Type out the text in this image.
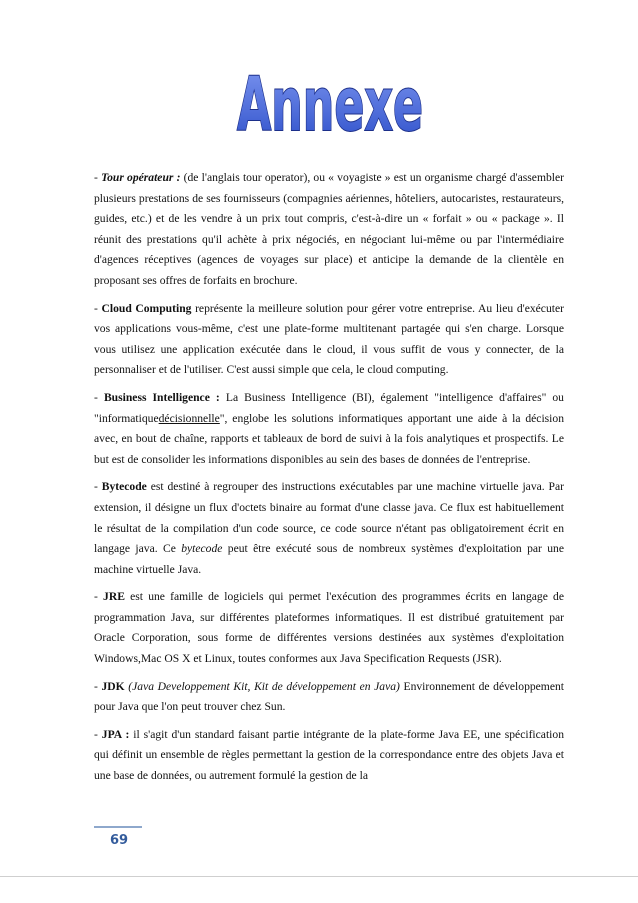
Annexe

- Tour opérateur : (de l'anglais tour operator), ou « voyagiste » est un organisme chargé d'assembler plusieurs prestations de ses fournisseurs (compagnies aériennes, hôteliers, autocaristes, restaurateurs, guides, etc.) et de les vendre à un prix tout compris, c'est-à-dire un « forfait » ou « package ». Il réunit des prestations qu'il achète à prix négociés, en négociant lui-même ou par l'intermédiaire d'agences réceptives (agences de voyages sur place) et anticipe la demande de la clientèle en proposant ses offres de forfaits en brochure.

- Cloud Computing représente la meilleure solution pour gérer votre entreprise. Au lieu d'exécuter vos applications vous-même, c'est une plate-forme multitenant partagée qui s'en charge. Lorsque vous utilisez une application exécutée dans le cloud, il vous suffit de vous y connecter, de la personnaliser et de l'utiliser. C'est aussi simple que cela, le cloud computing.

- Business Intelligence : La Business Intelligence (BI), également "intelligence d'affaires" ou "informatiquedécisionnelle", englobe les solutions informatiques apportant une aide à la décision avec, en bout de chaîne, rapports et tableaux de bord de suivi à la fois analytiques et prospectifs. Le but est de consolider les informations disponibles au sein des bases de données de l'entreprise.

- Bytecode est destiné à regrouper des instructions exécutables par une machine virtuelle java. Par extension, il désigne un flux d'octets binaire au format d'une classe java. Ce flux est habituellement le résultat de la compilation d'un code source, ce code source n'étant pas obligatoirement écrit en langage java. Ce bytecode peut être exécuté sous de nombreux systèmes d'exploitation par une machine virtuelle Java.

- JRE est une famille de logiciels qui permet l'exécution des programmes écrits en langage de programmation Java, sur différentes plateformes informatiques. Il est distribué gratuitement par Oracle Corporation, sous forme de différentes versions destinées aux systèmes d'exploitation Windows,Mac OS X et Linux, toutes conformes aux Java Specification Requests (JSR).

- JDK (Java Developpement Kit, Kit de développement en Java) Environnement de développement pour Java que l'on peut trouver chez Sun.

- JPA : il s'agit d'un standard faisant partie intégrante de la plate-forme Java EE, une spécification qui définit un ensemble de règles permettant la gestion de la correspondance entre des objets Java et une base de données, ou autrement formulé la gestion de la

69
